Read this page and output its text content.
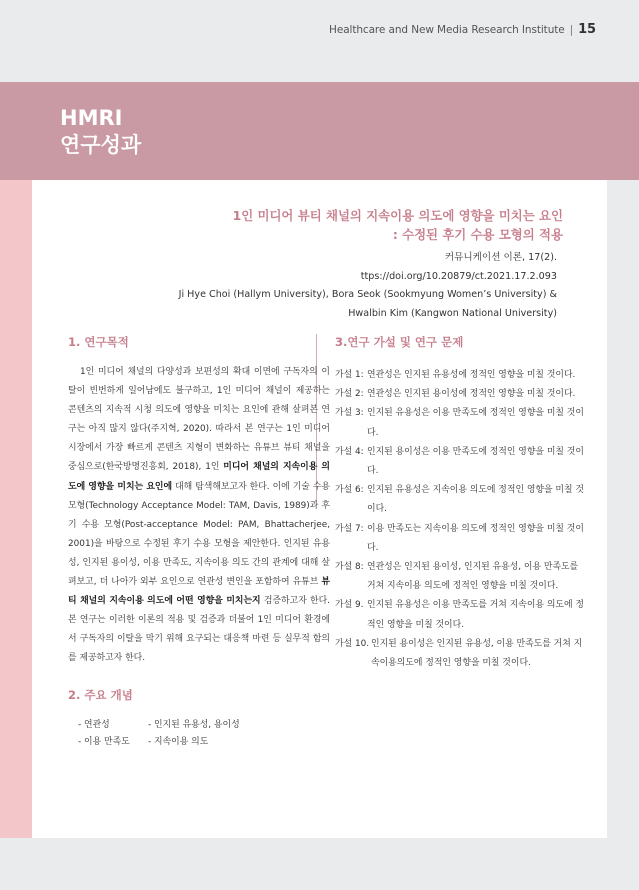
Healthcare and New Media Research Institute | 15
HMRI
연구성과
1인 미디어 뷰티 채널의 지속이용 의도에 영향을 미치는 요인
: 수정된 후기 수용 모형의 적용
커뮤니케이션 이론, 17(2).
ttps://doi.org/10.20879/ct.2021.17.2.093
Ji Hye Choi (Hallym University), Bora Seok (Sookmyung Women’s University) &
Hwalbin Kim (Kangwon National University)
1. 연구목적

1인 미디어 채널의 다양성과 보편성의 확대 이면에 구독자의 이탈이 빈번하게 일어남에도 불구하고, 1인 미디어 채널이 제공하는 콘텐츠의 지속적 시청 의도에 영향을 미치는 요인에 관해 살펴본 연구는 아직 많지 않다(주지혁, 2020). 따라서 본 연구는 1인 미디어 시장에서 가장 빠르게 콘텐츠 지형이 변화하는 유튜브 뷰티 채널을 중심으로(한국방명진흥회, 2018), 1인 미디어 채널의 지속이용 의도에 영향을 미치는 요인에 대해 탐색해보고자 한다. 이에 기술 수용 모형(Technology Acceptance Model: TAM, Davis, 1989)과 후기 수용 모형(Post-acceptance Model: PAM, Bhattacherjee, 2001)을 바탕으로 수정된 후기 수용 모형을 제안한다. 인지된 유용성, 인지된 용이성, 이용 만족도, 지속이용 의도 간의 관계에 대해 살펴보고, 더 나아가 외부 요인으로 연관성 변인을 포함하여 유튜브 뷰티 채널의 지속이용 의도에 어떤 영향을 미치는지 검증하고자 한다. 본 연구는 이러한 이론의 적용 및 검증과 더불어 1인 미디어 환경에서 구독자의 이탈을 막기 위해 요구되는 대응책 마련 등 실무적 함의를 제공하고자 한다.

2. 주요 개념
- 연관성	- 인지된 유용성, 용이성
- 이용 만족도	- 지속이용 의도
3.연구 가설 및 연구 문제
가설 1: 연관성은 인지된 유용성에 정적인 영향을 미칠 것이다.
가설 2: 연관성은 인지된 용이성에 정적인 영향을 미칠 것이다.
가설 3: 인지된 유용성은 이용 만족도에 정적인 영향을 미칠 것이다.
가설 4: 인지된 용이성은 이용 만족도에 정적인 영향을 미칠 것이다.
가설 6: 인지된 유용성은 지속이용 의도에 정적인 영향을 미칠 것이다.
가설 7: 이용 만족도는 지속이용 의도에 정적인 영향을 미칠 것이다.
가설 8: 연관성은 인지된 용이성, 인지된 유용성, 이용 만족도를 거쳐 지속이용 의도에 정적인 영향을 미칠 것이다.
가설 9. 인지된 유용성은 이용 만족도를 거쳐 지속이용 의도에 정적인 영향을 미칠 것이다.
가설 10. 인지된 용이성은 인지된 유용성, 이용 만족도를 거쳐 지속이용의도에 정적인 영향을 미칠 것이다.
